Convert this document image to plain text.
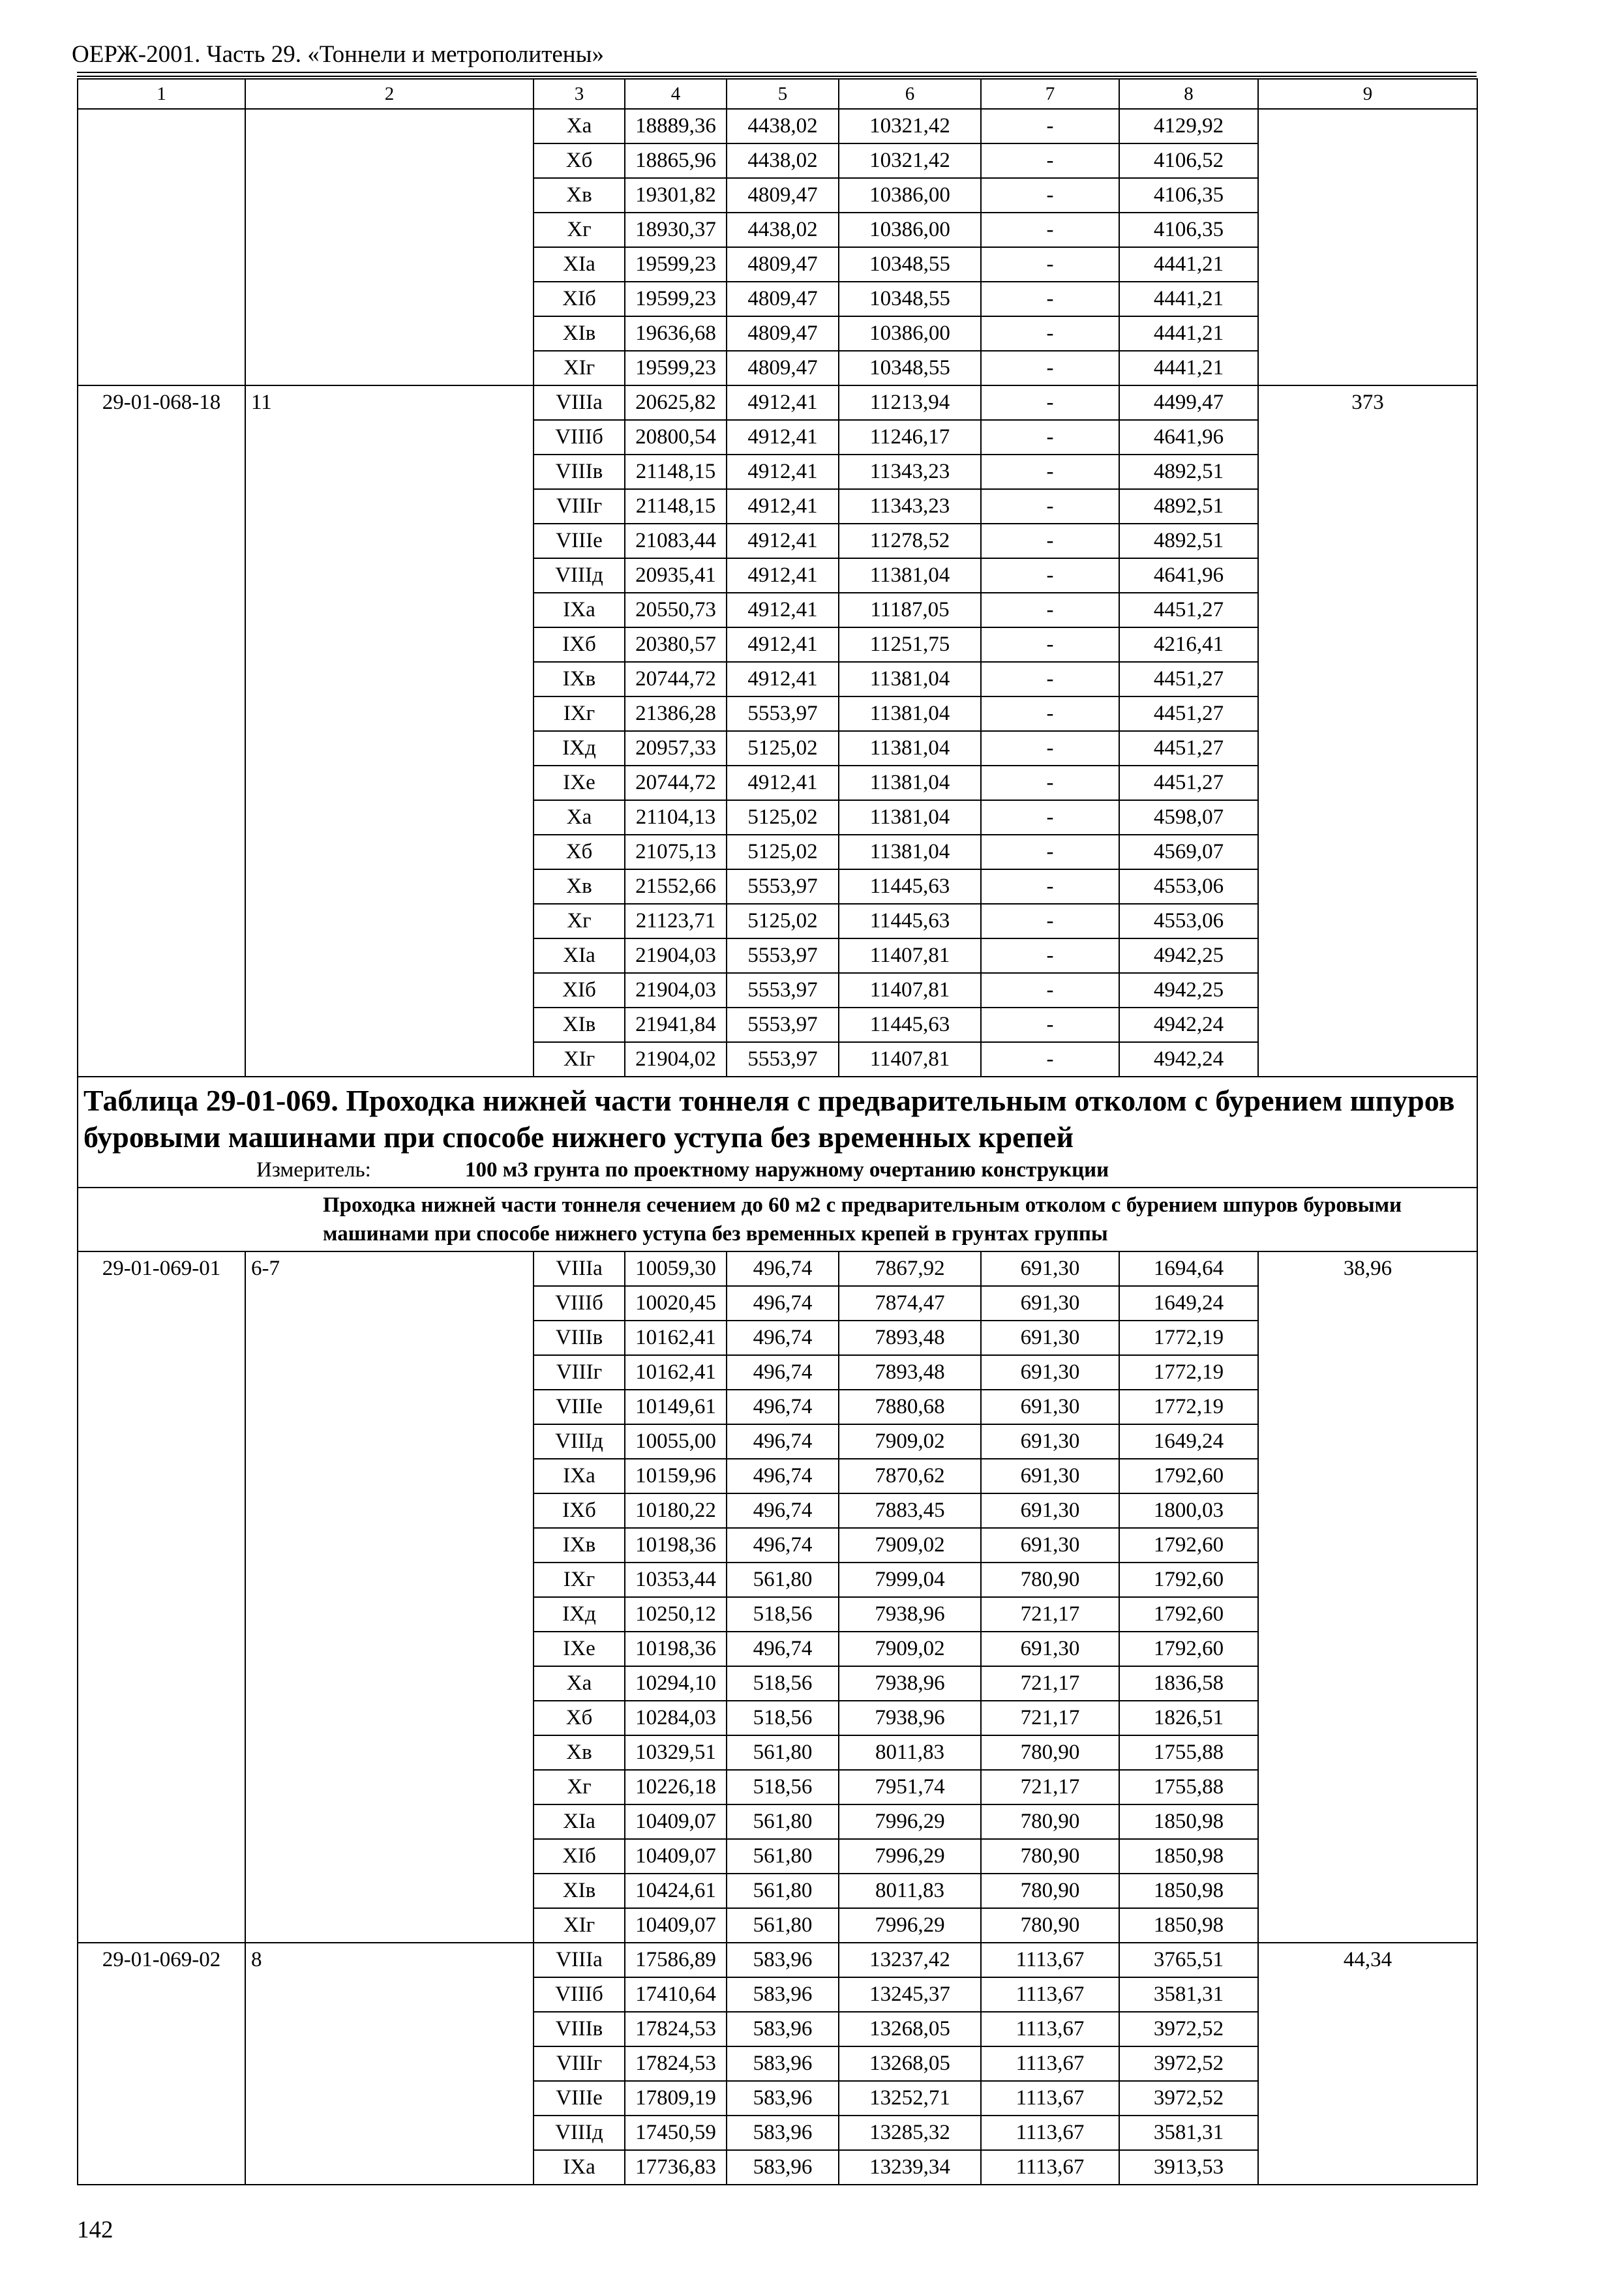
ОЕРЖ-2001. Часть 29. «Тоннели и метрополитены»
1	2	3	4	5	6	7	8	9
		Xa	18889,36	4438,02	10321,42	-	4129,92	
		Xб	18865,96	4438,02	10321,42	-	4106,52	
		Xв	19301,82	4809,47	10386,00	-	4106,35	
		Xг	18930,37	4438,02	10386,00	-	4106,35	
		XIa	19599,23	4809,47	10348,55	-	4441,21	
		XIб	19599,23	4809,47	10348,55	-	4441,21	
		XIв	19636,68	4809,47	10386,00	-	4441,21	
		XIг	19599,23	4809,47	10348,55	-	4441,21	
29-01-068-18	11	VIIIa	20625,82	4912,41	11213,94	-	4499,47	373
		VIIIб	20800,54	4912,41	11246,17	-	4641,96	
		VIIIв	21148,15	4912,41	11343,23	-	4892,51	
		VIIIг	21148,15	4912,41	11343,23	-	4892,51	
		VIIIe	21083,44	4912,41	11278,52	-	4892,51	
		VIIIд	20935,41	4912,41	11381,04	-	4641,96	
		IXa	20550,73	4912,41	11187,05	-	4451,27	
		IXб	20380,57	4912,41	11251,75	-	4216,41	
		IXв	20744,72	4912,41	11381,04	-	4451,27	
		IXг	21386,28	5553,97	11381,04	-	4451,27	
		IXд	20957,33	5125,02	11381,04	-	4451,27	
		IXe	20744,72	4912,41	11381,04	-	4451,27	
		Xa	21104,13	5125,02	11381,04	-	4598,07	
		Xб	21075,13	5125,02	11381,04	-	4569,07	
		Xв	21552,66	5553,97	11445,63	-	4553,06	
		Xг	21123,71	5125,02	11445,63	-	4553,06	
		XIa	21904,03	5553,97	11407,81	-	4942,25	
		XIб	21904,03	5553,97	11407,81	-	4942,25	
		XIв	21941,84	5553,97	11445,63	-	4942,24	
		XIг	21904,02	5553,97	11407,81	-	4942,24	
Таблица 29-01-069. Проходка нижней части тоннеля с предварительным отколом с бурением шпуров буровыми машинами при способе нижнего уступа без временных крепей								
Измеритель: 100 м3 грунта по проектному наружному очертанию конструкции								
Проходка нижней части тоннеля сечением до 60 м2 с предварительным отколом с бурением шпуров буровыми машинами при способе нижнего уступа без временных крепей в грунтах группы								
29-01-069-01	6-7	VIIIa	10059,30	496,74	7867,92	691,30	1694,64	38,96
		VIIIб	10020,45	496,74	7874,47	691,30	1649,24	
		VIIIв	10162,41	496,74	7893,48	691,30	1772,19	
		VIIIг	10162,41	496,74	7893,48	691,30	1772,19	
		VIIIe	10149,61	496,74	7880,68	691,30	1772,19	
		VIIIд	10055,00	496,74	7909,02	691,30	1649,24	
		IXa	10159,96	496,74	7870,62	691,30	1792,60	
		IXб	10180,22	496,74	7883,45	691,30	1800,03	
		IXв	10198,36	496,74	7909,02	691,30	1792,60	
		IXг	10353,44	561,80	7999,04	780,90	1792,60	
		IXд	10250,12	518,56	7938,96	721,17	1792,60	
		IXe	10198,36	496,74	7909,02	691,30	1792,60	
		Xa	10294,10	518,56	7938,96	721,17	1836,58	
		Xб	10284,03	518,56	7938,96	721,17	1826,51	
		Xв	10329,51	561,80	8011,83	780,90	1755,88	
		Xг	10226,18	518,56	7951,74	721,17	1755,88	
		XIa	10409,07	561,80	7996,29	780,90	1850,98	
		XIб	10409,07	561,80	7996,29	780,90	1850,98	
		XIв	10424,61	561,80	8011,83	780,90	1850,98	
		XIг	10409,07	561,80	7996,29	780,90	1850,98	
29-01-069-02	8	VIIIa	17586,89	583,96	13237,42	1113,67	3765,51	44,34
		VIIIб	17410,64	583,96	13245,37	1113,67	3581,31	
		VIIIв	17824,53	583,96	13268,05	1113,67	3972,52	
		VIIIг	17824,53	583,96	13268,05	1113,67	3972,52	
		VIIIe	17809,19	583,96	13252,71	1113,67	3972,52	
		VIIIд	17450,59	583,96	13285,32	1113,67	3581,31	
		IXa	17736,83	583,96	13239,34	1113,67	3913,53	
142
